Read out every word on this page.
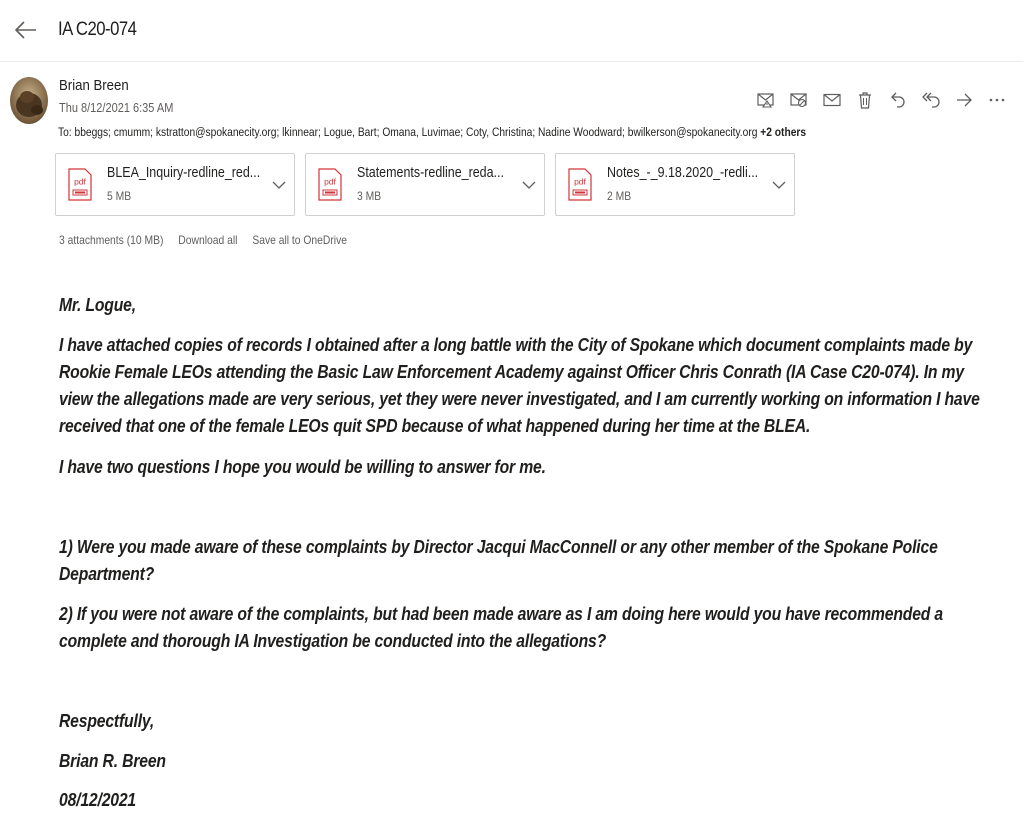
IA C20-074
Brian Breen
Thu 8/12/2021 6:35 AM
To: bbeggs; cmumm; kstratton@spokanecity.org; lkinnear; Logue, Bart; Omana, Luvimae; Coty, Christina; Nadine Woodward; bwilkerson@spokanecity.org +2 others
pdf
BLEA_Inquiry-redline_red...
5 MB
pdf
Statements-redline_reda...
3 MB
pdf
Notes_-_9.18.2020_-redli...
2 MB
3 attachments (10 MB) Download all Save all to OneDrive
Mr. Logue,
I have attached copies of records I obtained after a long battle with the City of Spokane which document complaints made by Rookie Female LEOs attending the Basic Law Enforcement Academy against Officer Chris Conrath (IA Case C20-074). In my view the allegations made are very serious, yet they were never investigated, and I am currently working on information I have received that one of the female LEOs quit SPD because of what happened during her time at the BLEA.
I have two questions I hope you would be willing to answer for me.
1) Were you made aware of these complaints by Director Jacqui MacConnell or any other member of the Spokane Police Department?
2) If you were not aware of the complaints, but had been made aware as I am doing here would you have recommended a complete and thorough IA Investigation be conducted into the allegations?
Respectfully,
Brian R. Breen
08/12/2021
